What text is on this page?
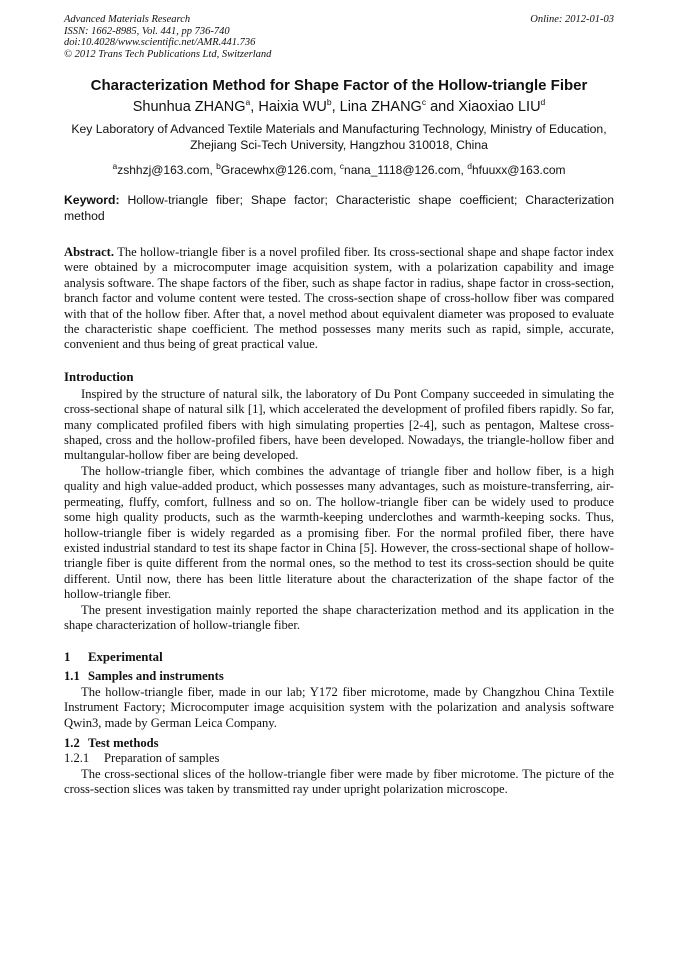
Advanced Materials Research
ISSN: 1662-8985, Vol. 441, pp 736-740
doi:10.4028/www.scientific.net/AMR.441.736
© 2012 Trans Tech Publications Ltd, Switzerland
Online: 2012-01-03
Characterization Method for Shape Factor of the Hollow-triangle Fiber
Shunhua ZHANG$^a$, Haixia $WU^b$, Lina ZHANG$^c$ and Xiaoxiao LIU$^d$
Key Laboratory of Advanced Textile Materials and Manufacturing Technology, Ministry of Education,
Zhejiang Sci-Tech University, Hangzhou 310018, China
$^a$zshhzj@163.com, $^b$Gracewhx@126.com, $^c$nana_1118@126.com, $^d$hfuuxx@163.com
Keyword: Hollow-triangle fiber; Shape factor; Characteristic shape coefficient; Characterization method

Abstract. The hollow-triangle fiber is a novel profiled fiber. Its cross-sectional shape and shape factor index were obtained by a microcomputer image acquisition system, with a polarization capability and image analysis software. The shape factors of the fiber, such as shape factor in radius, shape factor in cross-section, branch factor and volume content were tested. The cross-section shape of cross-hollow fiber was compared with that of the hollow fiber. After that, a novel method about equivalent diameter was proposed to evaluate the characteristic shape coefficient. The method possesses many merits such as rapid, simple, accurate, convenient and thus being of great practical value.

Introduction

Inspired by the structure of natural silk, the laboratory of Du Pont Company succeeded in simulating the cross-sectional shape of natural silk [1], which accelerated the development of profiled fibers rapidly. So far, many complicated profiled fibers with high simulating properties [2-4], such as pentagon, Maltese cross-shaped, cross and the hollow-profiled fibers, have been developed. Nowadays, the triangle-hollow fiber and multangular-hollow fiber are being developed.

The hollow-triangle fiber, which combines the advantage of triangle fiber and hollow fiber, is a high quality and high value-added product, which possesses many advantages, such as moisture-transferring, air-permeating, fluffy, comfort, fullness and so on. The hollow-triangle fiber can be widely used to produce some high quality products, such as the warmth-keeping underclothes and warmth-keeping socks. Thus, hollow-triangle fiber is widely regarded as a promising fiber. For the normal profiled fiber, there have existed industrial standard to test its shape factor in China [5]. However, the cross-sectional shape of hollow-triangle fiber is quite different from the normal ones, so the method to test its cross-section should be quite different. Until now, there has been little literature about the characterization of the shape factor of the hollow-triangle fiber.

The present investigation mainly reported the shape characterization method and its application in the shape characterization of hollow-triangle fiber.

1 Experimental
1.1 Samples and instruments

The hollow-triangle fiber, made in our lab; Y172 fiber microtome, made by Changzhou China Textile Instrument Factory; Microcomputer image acquisition system with the polarization and analysis software Qwin3, made by German Leica Company.

1.2 Test methods
1.2.1 Preparation of samples

The cross-sectional slices of the hollow-triangle fiber were made by fiber microtome. The picture of the cross-section slices was taken by transmitted ray under upright polarization microscope.
